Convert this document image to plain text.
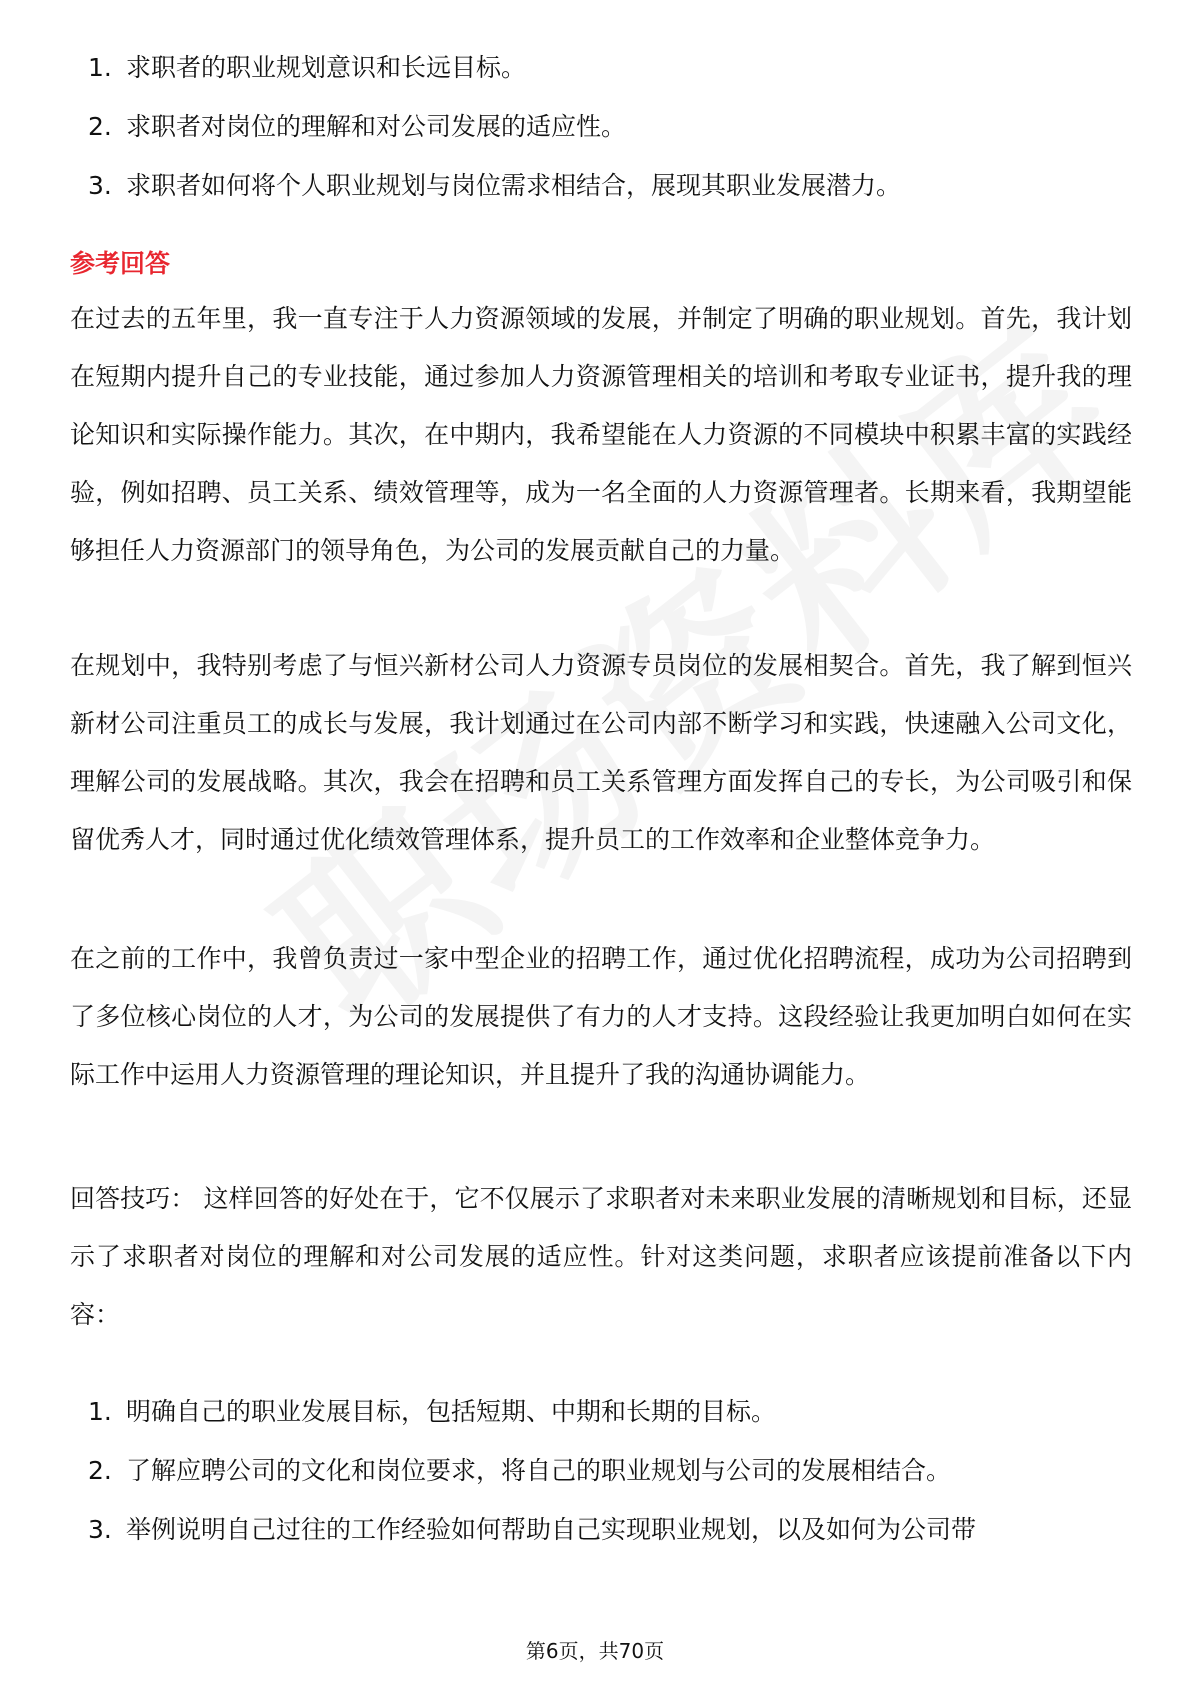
1. 求职者的职业规划意识和长远目标。
2. 求职者对岗位的理解和对公司发展的适应性。
3. 求职者如何将个人职业规划与岗位需求相结合，展现其职业发展潜力。
参考回答

在过去的五年里，我一直专注于人力资源领域的发展，并制定了明确的职业规划。首先，我计划在短期内提升自己的专业技能，通过参加人力资源管理相关的培训和考取专业证书，提升我的理论知识和实际操作能力。其次，在中期内，我希望能在人力资源的不同模块中积累丰富的实践经验，例如招聘、员工关系、绩效管理等，成为一名全面的人力资源管理者。长期来看，我期望能够担任人力资源部门的领导角色，为公司的发展贡献自己的力量。

在规划中，我特别考虑了与恒兴新材公司人力资源专员岗位的发展相契合。首先，我了解到恒兴新材公司注重员工的成长与发展，我计划通过在公司内部不断学习和实践，快速融入公司文化，理解公司的发展战略。其次，我会在招聘和员工关系管理方面发挥自己的专长，为公司吸引和保留优秀人才，同时通过优化绩效管理体系，提升员工的工作效率和企业整体竞争力。

在之前的工作中，我曾负责过一家中型企业的招聘工作，通过优化招聘流程，成功为公司招聘到了多位核心岗位的人才，为公司的发展提供了有力的人才支持。这段经验让我更加明白如何在实际工作中运用人力资源管理的理论知识，并且提升了我的沟通协调能力。

回答技巧： 这样回答的好处在于，它不仅展示了求职者对未来职业发展的清晰规划和目标，还显示了求职者对岗位的理解和对公司发展的适应性。针对这类问题，求职者应该提前准备以下内容：

1. 明确自己的职业发展目标，包括短期、中期和长期的目标。
2. 了解应聘公司的文化和岗位要求，将自己的职业规划与公司的发展相结合。
3. 举例说明自己过往的工作经验如何帮助自己实现职业规划，以及如何为公司带
第6页，共70页
